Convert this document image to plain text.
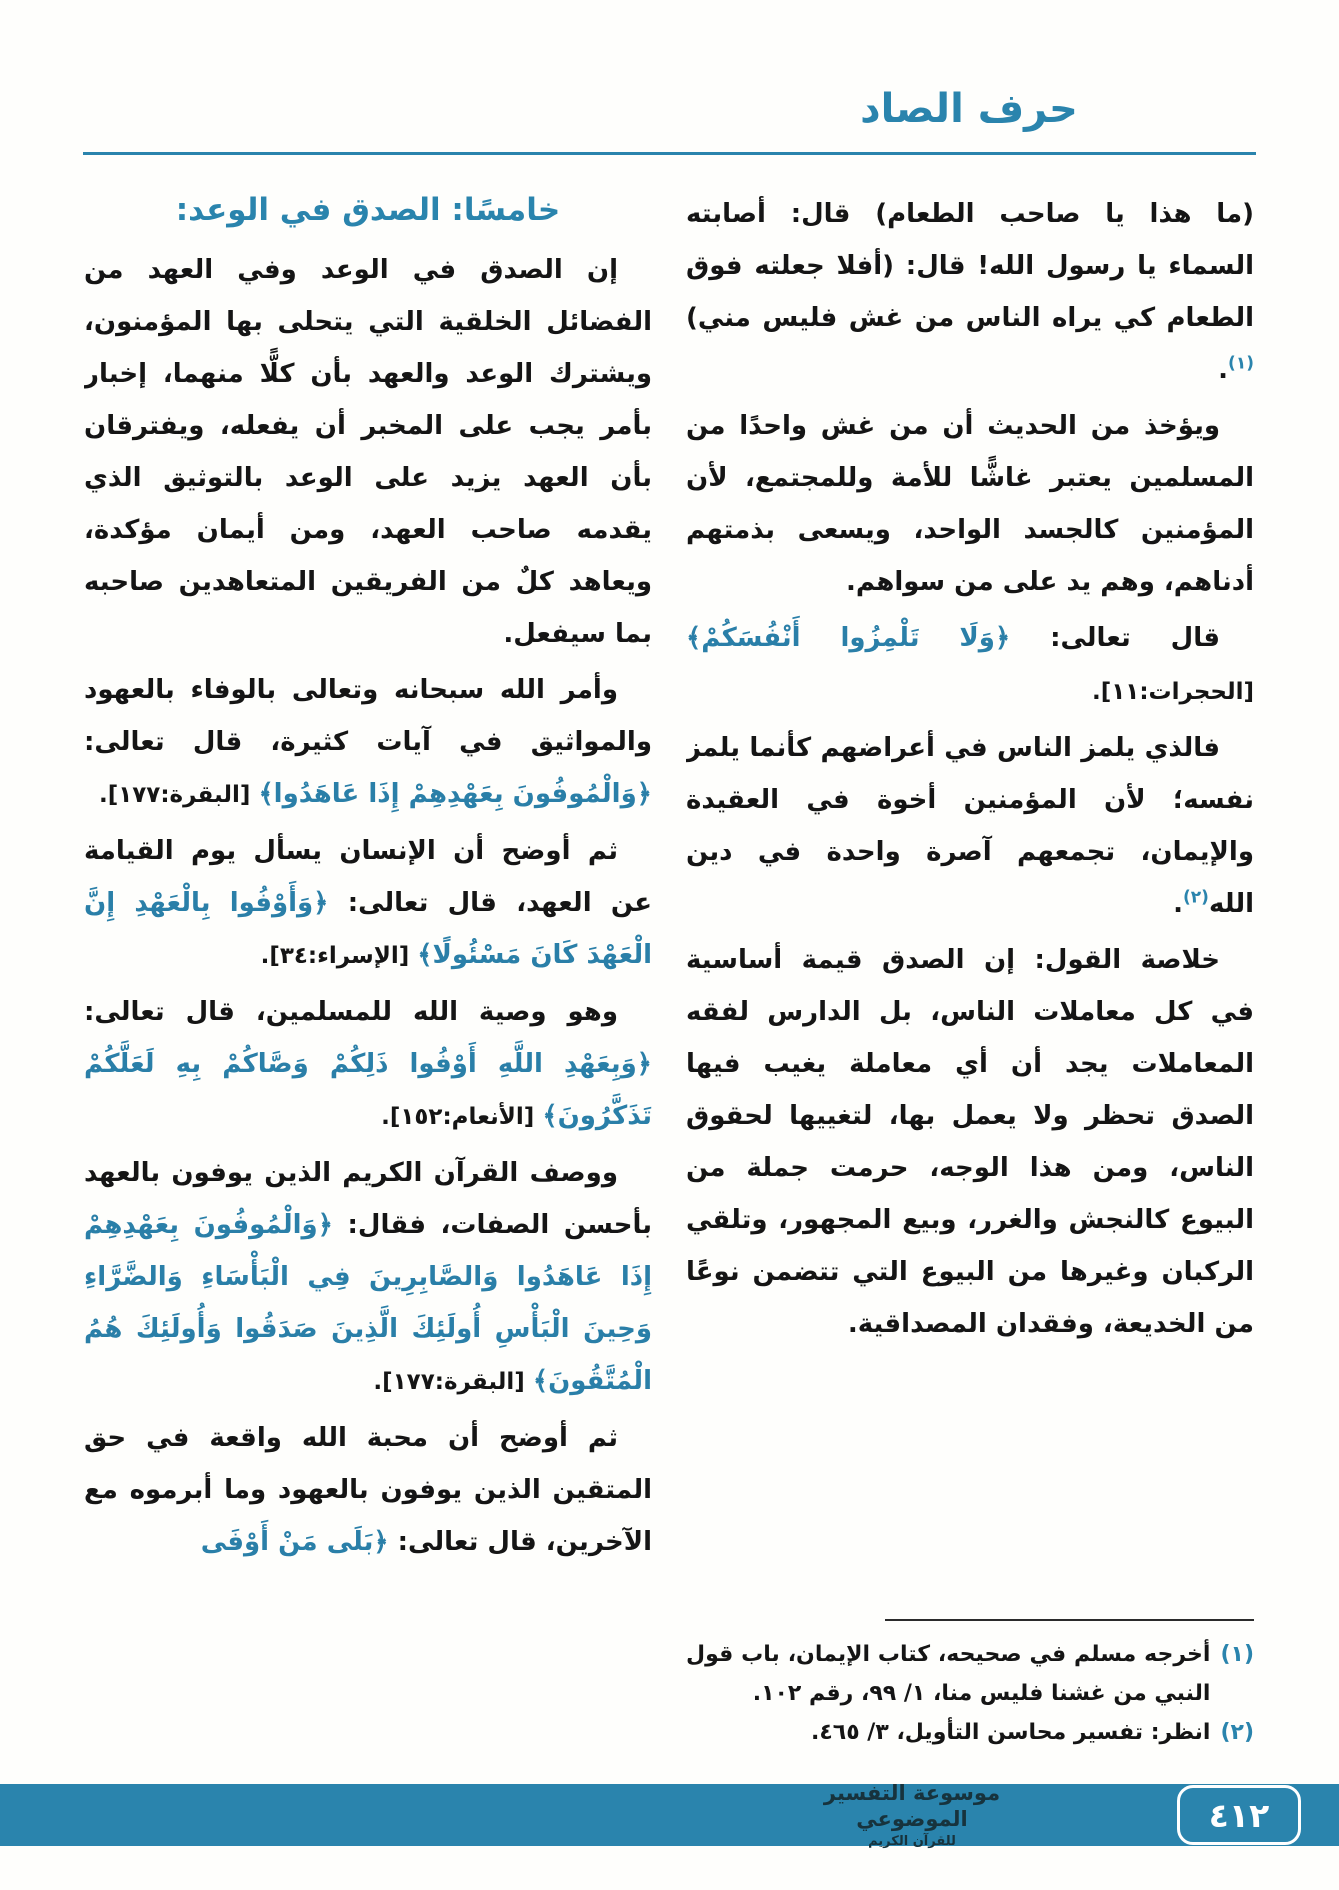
حرف الصاد

(ما هذا يا صاحب الطعام) قال: أصابته السماء يا رسول الله! قال: (أفلا جعلته فوق الطعام كي يراه الناس من غش فليس مني)$^{(١)}$.

ويؤخذ من الحديث أن من غش واحدًا من المسلمين يعتبر غاشًّا للأمة وللمجتمع، لأن المؤمنين كالجسد الواحد، ويسعى بذمتهم أدناهم، وهم يد على من سواهم.

قال تعالى: ﴿وَلَا تَلْمِزُوا أَنْفُسَكُمْ﴾ [الحجرات:١١].

فالذي يلمز الناس في أعراضهم كأنما يلمز نفسه؛ لأن المؤمنين أخوة في العقيدة والإيمان، تجمعهم آصرة واحدة في دين الله$^{(٢)}$.

خلاصة القول: إن الصدق قيمة أساسية في كل معاملات الناس، بل الدارس لفقه المعاملات يجد أن أي معاملة يغيب فيها الصدق تحظر ولا يعمل بها، لتغييها لحقوق الناس، ومن هذا الوجه، حرمت جملة من البيوع كالنجش والغرر، وبيع المجهور، وتلقي الركبان وغيرها من البيوع التي تتضمن نوعًا من الخديعة، وفقدان المصداقية.

(١)
أخرجه مسلم في صحيحه، كتاب الإيمان، باب قول النبي من غشنا فليس منا، ١/ ٩٩، رقم ١٠٢.
(٢)
انظر: تفسير محاسن التأويل، ٣/ ٤٦٥.
خامسًا: الصدق في الوعد:

إن الصدق في الوعد وفي العهد من الفضائل الخلقية التي يتحلى بها المؤمنون، ويشترك الوعد والعهد بأن كلًّا منهما، إخبار بأمر يجب على المخبر أن يفعله، ويفترقان بأن العهد يزيد على الوعد بالتوثيق الذي يقدمه صاحب العهد، ومن أيمان مؤكدة، ويعاهد كلٌ من الفريقين المتعاهدين صاحبه بما سيفعل.

وأمر الله سبحانه وتعالى بالوفاء بالعهود والمواثيق في آيات كثيرة، قال تعالى: ﴿وَالْمُوفُونَ بِعَهْدِهِمْ إِذَا عَاهَدُوا﴾ [البقرة:١٧٧].

ثم أوضح أن الإنسان يسأل يوم القيامة عن العهد، قال تعالى: ﴿وَأَوْفُوا بِالْعَهْدِ إِنَّ الْعَهْدَ كَانَ مَسْئُولًا﴾ [الإسراء:٣٤].

وهو وصية الله للمسلمين، قال تعالى: ﴿وَبِعَهْدِ اللَّهِ أَوْفُوا ذَلِكُمْ وَصَّاكُمْ بِهِ لَعَلَّكُمْ تَذَكَّرُونَ﴾ [الأنعام:١٥٢].

ووصف القرآن الكريم الذين يوفون بالعهد بأحسن الصفات، فقال: ﴿وَالْمُوفُونَ بِعَهْدِهِمْ إِذَا عَاهَدُوا وَالصَّابِرِينَ فِي الْبَأْسَاءِ وَالضَّرَّاءِ وَحِينَ الْبَأْسِ أُولَئِكَ الَّذِينَ صَدَقُوا وَأُولَئِكَ هُمُ الْمُتَّقُونَ﴾ [البقرة:١٧٧].

ثم أوضح أن محبة الله واقعة في حق المتقين الذين يوفون بالعهود وما أبرموه مع الآخرين، قال تعالى: ﴿بَلَى مَنْ أَوْفَى

موسوعة التفسير الموضوعي
للقرآن الكريم
٤١٢
